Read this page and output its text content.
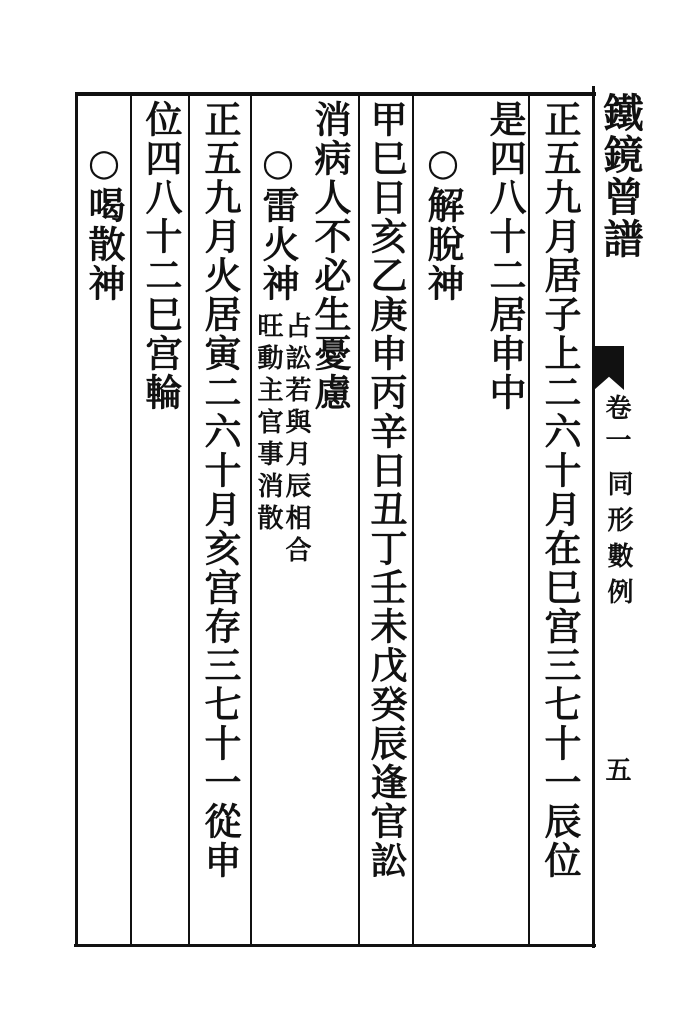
鐵鏡曾譜
卷一
同形數例
五
正五九月居子上二六十月在巳宫三七十一辰位
是四八十二居申中
○解脫神
甲巳日亥乙庚申丙辛日丑丁壬未戊癸辰逢官訟
消病人不必生憂慮
○雷火神
占訟若與月辰相合
旺動主官事消散
正五九月火居寅二六十月亥宫存三七十一從申
位四八十二巳宫輪
○喝散神
